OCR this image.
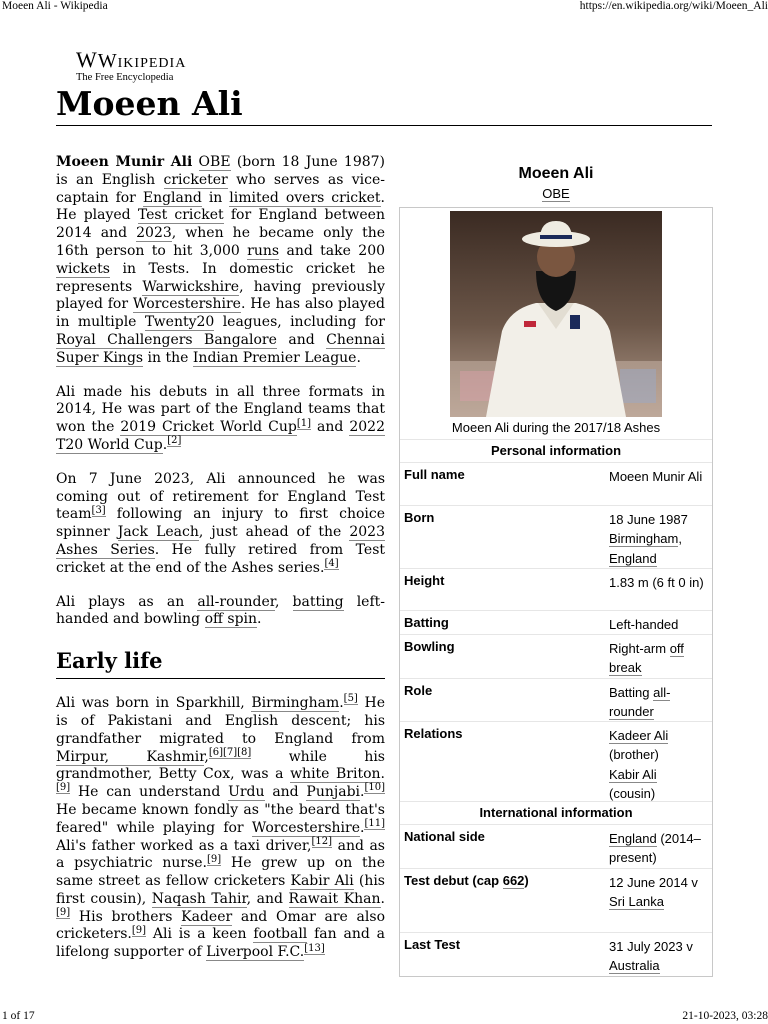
Moeen Ali - Wikipedia	https://en.wikipedia.org/wiki/Moeen_Ali
WWikipedia
The Free Encyclopedia
Moeen Ali

Moeen Munir Ali OBE (born 18 June 1987) is an English cricketer who serves as vice-captain for England in limited overs cricket. He played Test cricket for England between 2014 and 2023, when he became only the 16th person to hit 3,000 runs and take 200 wickets in Tests. In domestic cricket he represents Warwickshire, having previously played for Worcestershire. He has also played in multiple Twenty20 leagues, including for Royal Challengers Bangalore and Chennai Super Kings in the Indian Premier League.

Ali made his debuts in all three formats in 2014, He was part of the England teams that won the 2019 Cricket World Cup[1] and 2022 T20 World Cup.[2]

On 7 June 2023, Ali announced he was coming out of retirement for England Test team[3] following an injury to first choice spinner Jack Leach, just ahead of the 2023 Ashes Series. He fully retired from Test cricket at the end of the Ashes series.[4]

Ali plays as an all-rounder, batting left-handed and bowling off spin.

Early life

Ali was born in Sparkhill, Birmingham.[5] He is of Pakistani and English descent; his grandfather migrated to England from Mirpur, Kashmir,[6][7][8] while his grandmother, Betty Cox, was a white Briton.[9] He can understand Urdu and Punjabi.[10] He became known fondly as "the beard that's feared" while playing for Worcestershire.[11] Ali's father worked as a taxi driver,[12] and as a psychiatric nurse.[9] He grew up on the same street as fellow cricketers Kabir Ali (his first cousin), Naqash Tahir, and Rawait Khan.[9] His brothers Kadeer and Omar are also cricketers.[9] Ali is a keen football fan and a lifelong supporter of Liverpool F.C.[13]

Moeen Ali
OBE
Moeen Ali during the 2017/18 Ashes
Personal information
Full name	Moeen Munir Ali
Born	18 June 1987
Birmingham, England
Height	1.83 m (6 ft 0 in)
Batting	Left-handed
Bowling	Right-arm off break
Role	Batting all-rounder
Relations	Kadeer Ali
(brother)
Kabir Ali
(cousin)
International information
National side	England (2014–present)
Test debut (cap 662)	12 June 2014 v Sri Lanka
Last Test	31 July 2023 v Australia
1 of 17	21-10-2023, 03:28
